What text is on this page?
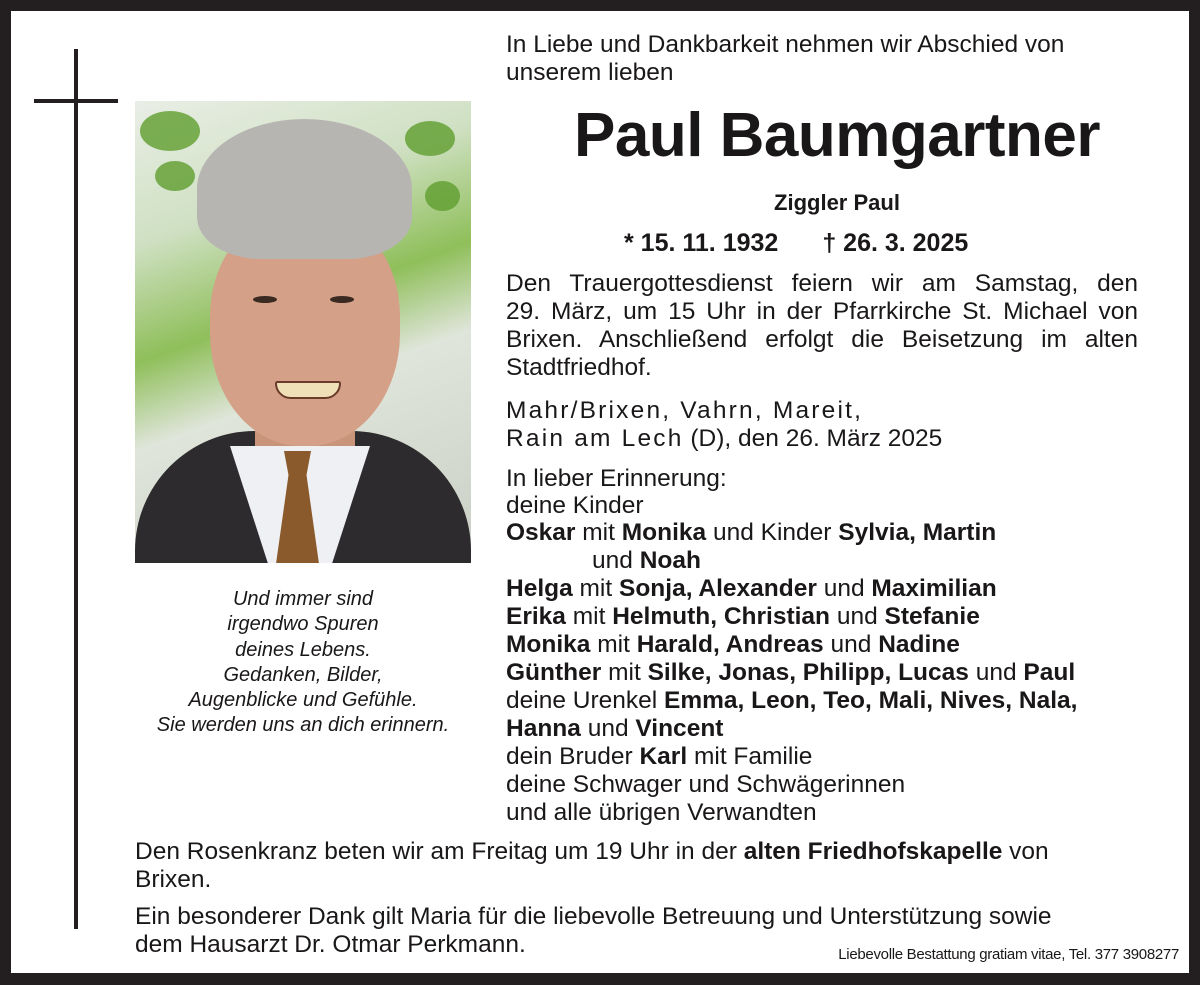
In Liebe und Dankbarkeit nehmen wir Abschied von
unserem lieben
Paul Baumgartner
Ziggler Paul
* 15. 11. 1932 † 26. 3. 2025
Den Trauergottesdienst feiern wir am Samstag, den
29. März, um 15 Uhr in der Pfarrkirche St. Michael von
Brixen. Anschließend erfolgt die Beisetzung im alten
Stadtfriedhof.
Mahr/Brixen, Vahrn, Mareit,
Rain am Lech (D), den 26. März 2025
In lieber Erinnerung:
deine Kinder
Oskar mit Monika und Kinder Sylvia, Martin
und Noah
Helga mit Sonja, Alexander und Maximilian
Erika mit Helmuth, Christian und Stefanie
Monika mit Harald, Andreas und Nadine
Günther mit Silke, Jonas, Philipp, Lucas und Paul
deine Urenkel Emma, Leon, Teo, Mali, Nives, Nala,
Hanna und Vincent
dein Bruder Karl mit Familie
deine Schwager und Schwägerinnen
und alle übrigen Verwandten
Den Rosenkranz beten wir am Freitag um 19 Uhr in der alten Friedhofskapelle von
Brixen.
Ein besonderer Dank gilt Maria für die liebevolle Betreuung und Unterstützung sowie
dem Hausarzt Dr. Otmar Perkmann.
Und immer sind
irgendwo Spuren
deines Lebens.
Gedanken, Bilder,
Augenblicke und Gefühle.
Sie werden uns an dich erinnern.
Liebevolle Bestattung gratiam vitae, Tel. 377 3908277
